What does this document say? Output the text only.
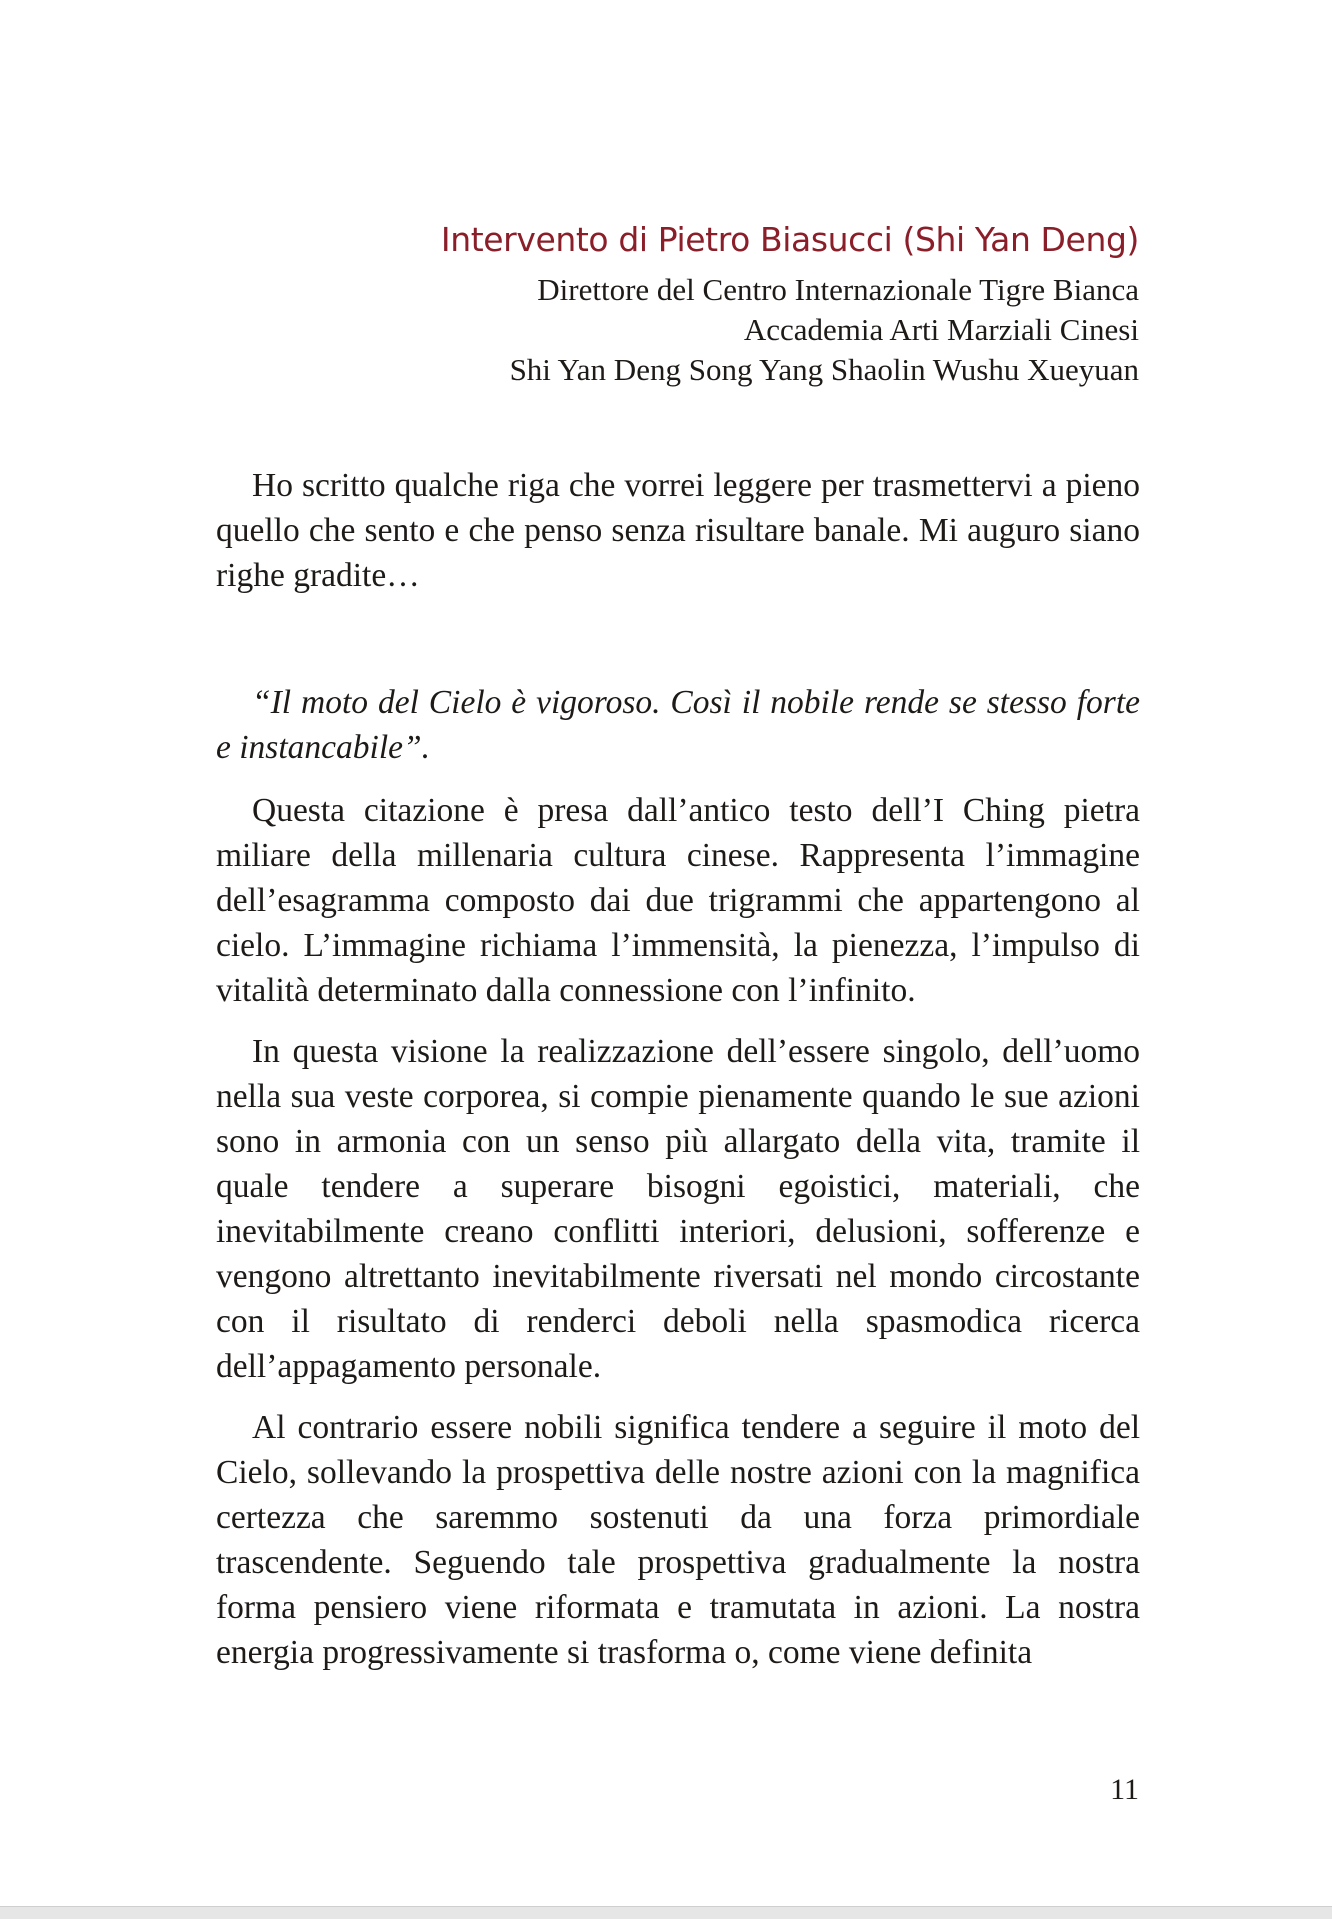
Intervento di Pietro Biasucci (Shi Yan Deng)
Direttore del Centro Internazionale Tigre Bianca
Accademia Arti Marziali Cinesi
Shi Yan Deng Song Yang Shaolin Wushu Xueyuan

Ho scritto qualche riga che vorrei leggere per trasmettervi a pieno quello che sento e che penso senza risultare banale. Mi auguro siano righe gradite…

“Il moto del Cielo è vigoroso. Così il nobile rende se stesso forte e instancabile”.

Questa citazione è presa dall’antico testo dell’I Ching pietra miliare della millenaria cultura cinese. Rappresenta l’immagine dell’esagramma composto dai due trigrammi che appartengono al cielo. L’immagine richiama l’immensità, la pienezza, l’impulso di vitalità determinato dalla connessione con l’infinito.

In questa visione la realizzazione dell’essere singolo, dell’uomo nella sua veste corporea, si compie pienamente quando le sue azioni sono in armonia con un senso più allargato della vita, tramite il quale tendere a superare bisogni egoistici, materiali, che inevitabilmente creano conflitti interiori, delusioni, sofferenze e vengono altrettanto inevitabilmente riversati nel mondo circostante con il risultato di renderci deboli nella spasmodica ricerca dell’appagamento personale.

Al contrario essere nobili significa tendere a seguire il moto del Cielo, sollevando la prospettiva delle nostre azioni con la magnifica certezza che saremmo sostenuti da una forza primordiale trascendente. Seguendo tale prospettiva gradualmente la nostra forma pensiero viene riformata e tramutata in azioni. La nostra energia progressivamente si trasforma o, come viene definita

11
